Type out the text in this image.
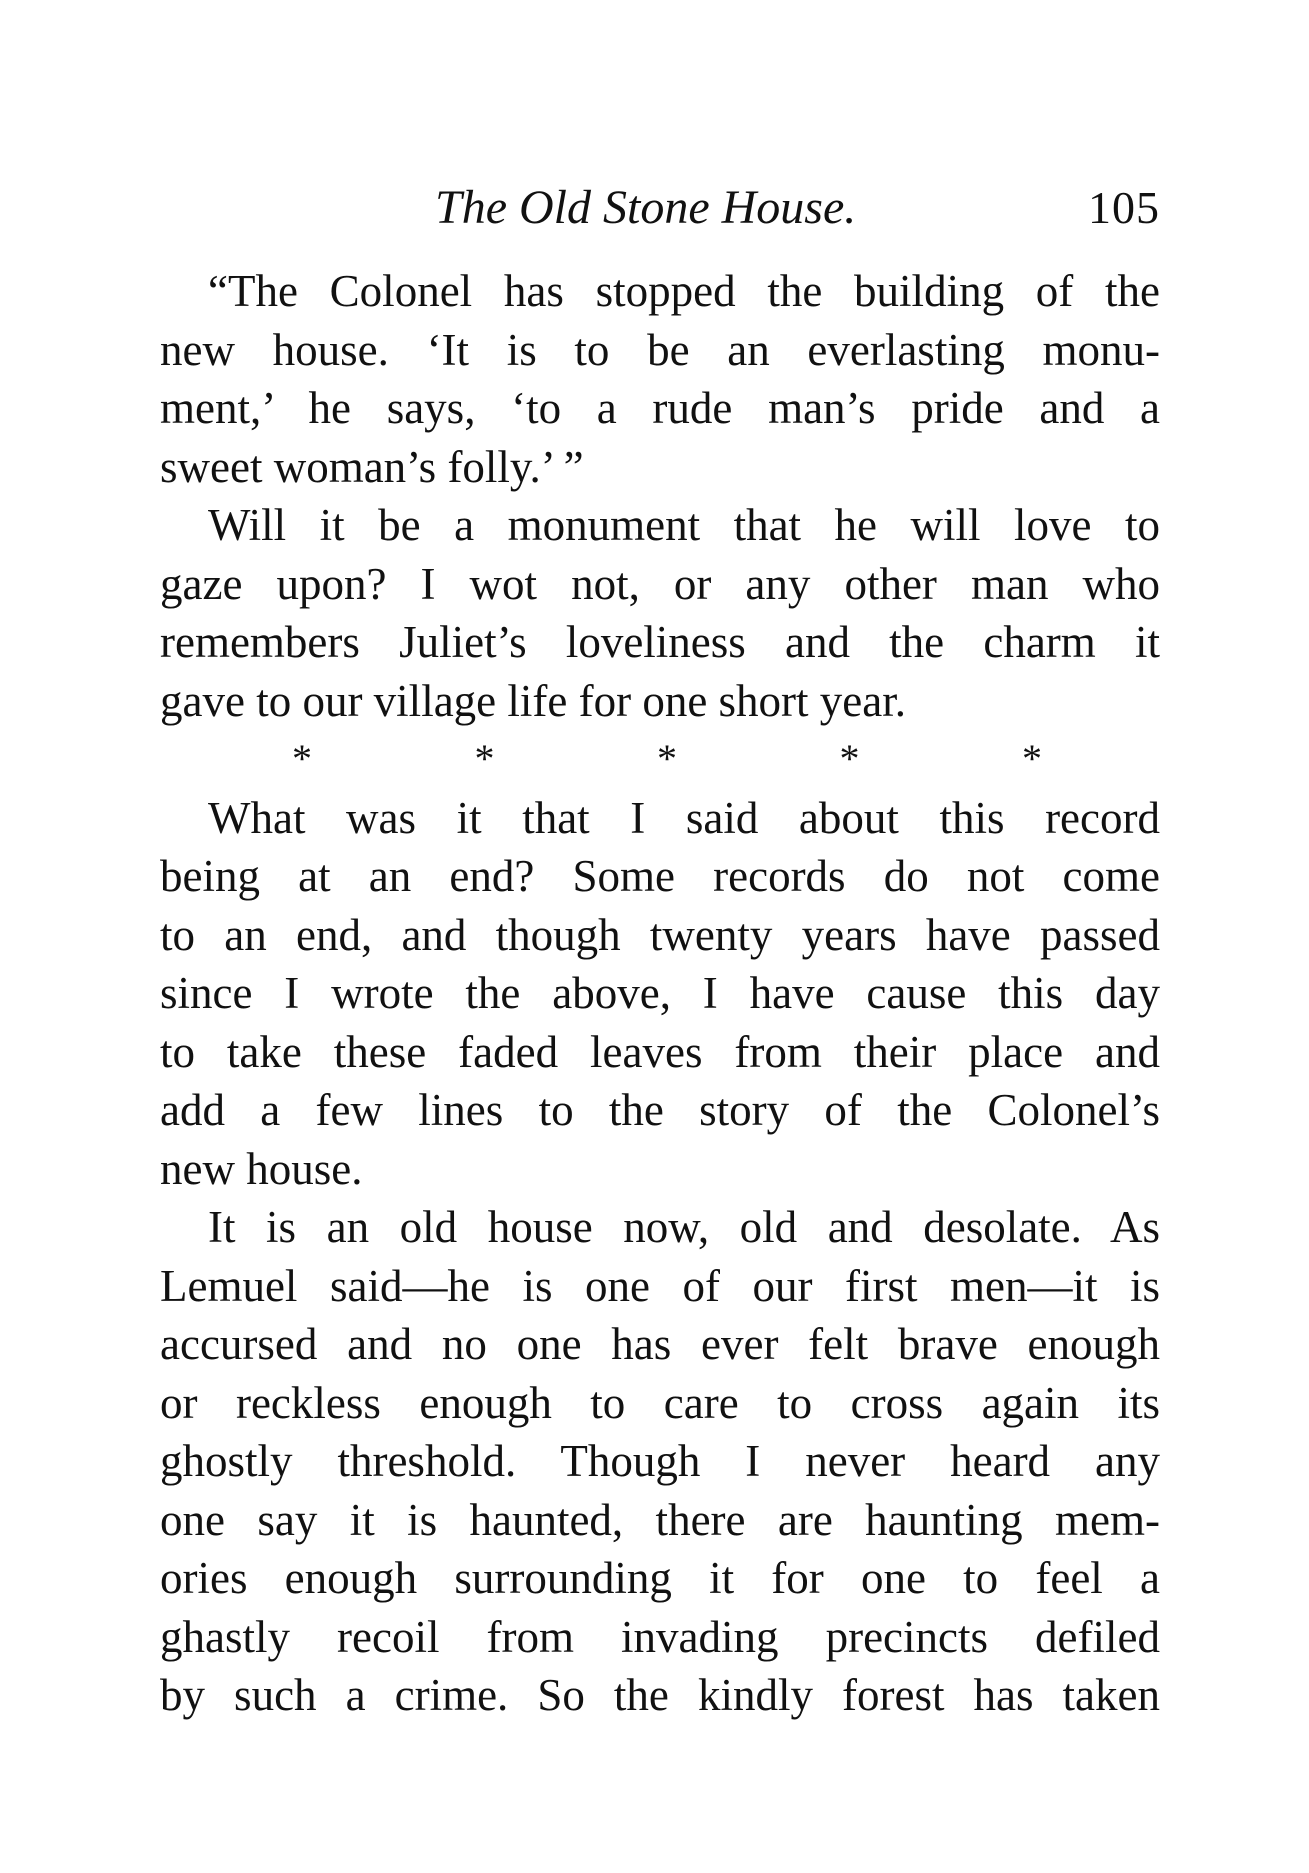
The Old Stone House.	105

“The Colonel has stopped the building of the
new house. ‘It is to be an everlasting monu-
ment,’ he says, ‘to a rude man’s pride and a
sweet woman’s folly.’ ”

Will it be a monument that he will love to
gaze upon? I wot not, or any other man who
remembers Juliet’s loveliness and the charm it
gave to our village life for one short year.

*	*	*	*	*

What was it that I said about this record
being at an end? Some records do not come
to an end, and though twenty years have passed
since I wrote the above, I have cause this day
to take these faded leaves from their place and
add a few lines to the story of the Colonel’s
new house.

It is an old house now, old and desolate. As
Lemuel said—he is one of our first men—it is
accursed and no one has ever felt brave enough
or reckless enough to care to cross again its
ghostly threshold. Though I never heard any
one say it is haunted, there are haunting mem-
ories enough surrounding it for one to feel a
ghastly recoil from invading precincts defiled
by such a crime. So the kindly forest has taken
